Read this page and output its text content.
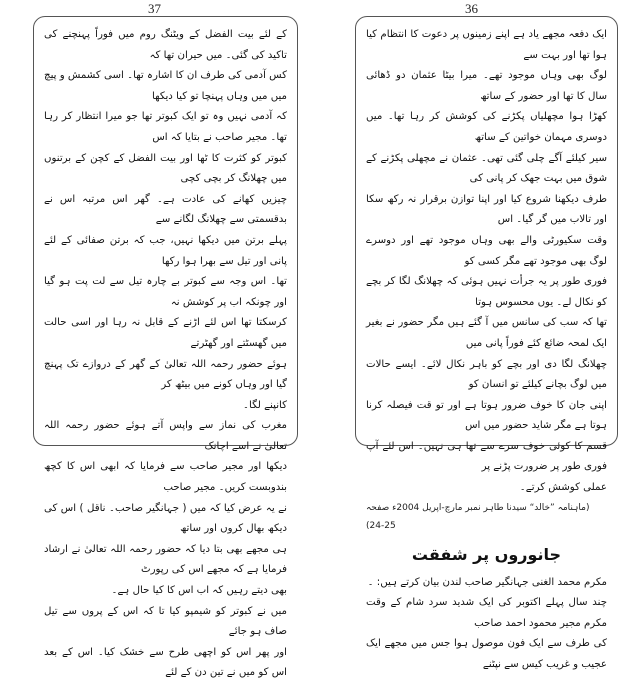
37	36

کے لئے بیت الفضل کے ویٹنگ روم میں فوراً پہنچنے کی تاکید کی گئی۔ میں حیران تھا کہ

کس آدمی کی طرف ان کا اشارہ تھا۔ اسی کشمش و پیچ میں میں وہاں پہنچا تو کیا دیکھا

کہ آدمی نہیں وہ تو ایک کبوتر تھا جو میرا انتظار کر رہا تھا۔ مجیر صاحب نے بتایا کہ اس

کبوتر کو کثرت کا ٹھا اور بیت الفضل کے کچن کے برتنوں میں چھلانگ کر بچی کچی

چیزیں کھانے کی عادت ہے۔ گھر اس مرتبہ اس نے بدقسمتی سے چھلانگ لگانے سے

پہلے برتن میں دیکھا نہیں، جب کہ برتن صفائی کے لئے پانی اور تیل سے بھرا ہوا رکھا

تھا۔ اس وجہ سے کبوتر بے چارہ تیل سے لت پت ہو گیا اور چونکہ اب پر کوشش نہ

کرسکتا تھا اس لئے اڑنے کے قابل نہ رہا اور اسی حالت میں گھسٹتے اور گھٹرتے

ہوئے حضور رحمہ اللہ تعالیٰ کے گھر کے دروازے تک پہنچ گیا اور وہاں کونے میں بیٹھ کر

کانپنے لگا۔

مغرب کی نماز سے واپس آتے ہوئے حضور رحمہ اللہ تعالیٰ نے اسے اچانک

دیکھا اور مجیر صاحب سے فرمایا کہ ابھی اس کا کچھ بندوبست کریں۔ مجیر صاحب

نے یہ عرض کیا کہ میں ( جہانگیر صاحب۔ ناقل ) اس کی دیکھ بھال کروں اور ساتھ

ہی مجھے بھی بتا دیا کہ حضور رحمہ اللہ تعالیٰ نے ارشاد فرمایا ہے کہ مجھے اس کی رپورٹ

بھی دیتے رہیں کہ اب اس کا کیا حال ہے۔

میں نے کبوتر کو شیمپو کیا تا کہ اس کے پروں سے تیل صاف ہو جائے

اور پھر اس کو اچھی طرح سے خشک کیا۔ اس کے بعد اس کو میں نے تین دن کے لئے

ایک دفعہ مجھے یاد ہے اپنے زمینوں پر دعوت کا انتظام کیا ہوا تھا اور بہت سے

لوگ بھی وہاں موجود تھے۔ میرا بیٹا عثمان دو ڈھائی سال کا تھا اور حضور کے ساتھ

کھڑا ہوا مچھلیاں پکڑنے کی کوشش کر رہا تھا۔ میں دوسری مہمان خواتین کے ساتھ

سیر کیلئے آگے چلی گئی تھی۔ عثمان نے مچھلی پکڑنے کے شوق میں بہت جھک کر پانی کی

طرف دیکھنا شروع کیا اور اپنا توازن برقرار نہ رکھ سکا اور تالاب میں گر گیا۔ اس

وقت سکیورٹی والے بھی وہاں موجود تھے اور دوسرے لوگ بھی موجود تھے مگر کسی کو

فوری طور پر یہ جرأت نہیں ہوئی کہ چھلانگ لگا کر بچے کو نکال لے۔ یوں محسوس ہوتا

تھا کہ سب کی سانس میں آ گئے ہیں مگر حضور نے بغیر ایک لمحہ ضائع کئے فوراً پانی میں

چھلانگ لگا دی اور بچے کو باہر نکال لائے۔ ایسے حالات میں لوگ بچانے کیلئے تو انسان کو

اپنی جان کا خوف ضرور ہوتا ہے اور تو قت فیصلہ کرنا ہوتا ہے مگر شاید حضور میں اس

قسم کا کوئی خوف سرے سے تھا ہی نہیں۔ اس لئے آپ فوری طور پر ضرورت پڑنے پر

عملی کوشش کرتے۔

(ماہنامہ ”خالد“ سیدنا طاہر نمبر مارچ-اپریل 2004ء صفحہ 25-24)

جانوروں پر شفقت

مکرم محمد الغنی جہانگیر صاحب لندن بیان کرتے ہیں: ۔

چند سال پہلے اکتوبر کی ایک شدید سرد شام کے وقت مکرم مجیر محمود احمد صاحب

کی طرف سے ایک فون موصول ہوا جس میں مجھے ایک عجیب و غریب کیس سے نپٹنے
